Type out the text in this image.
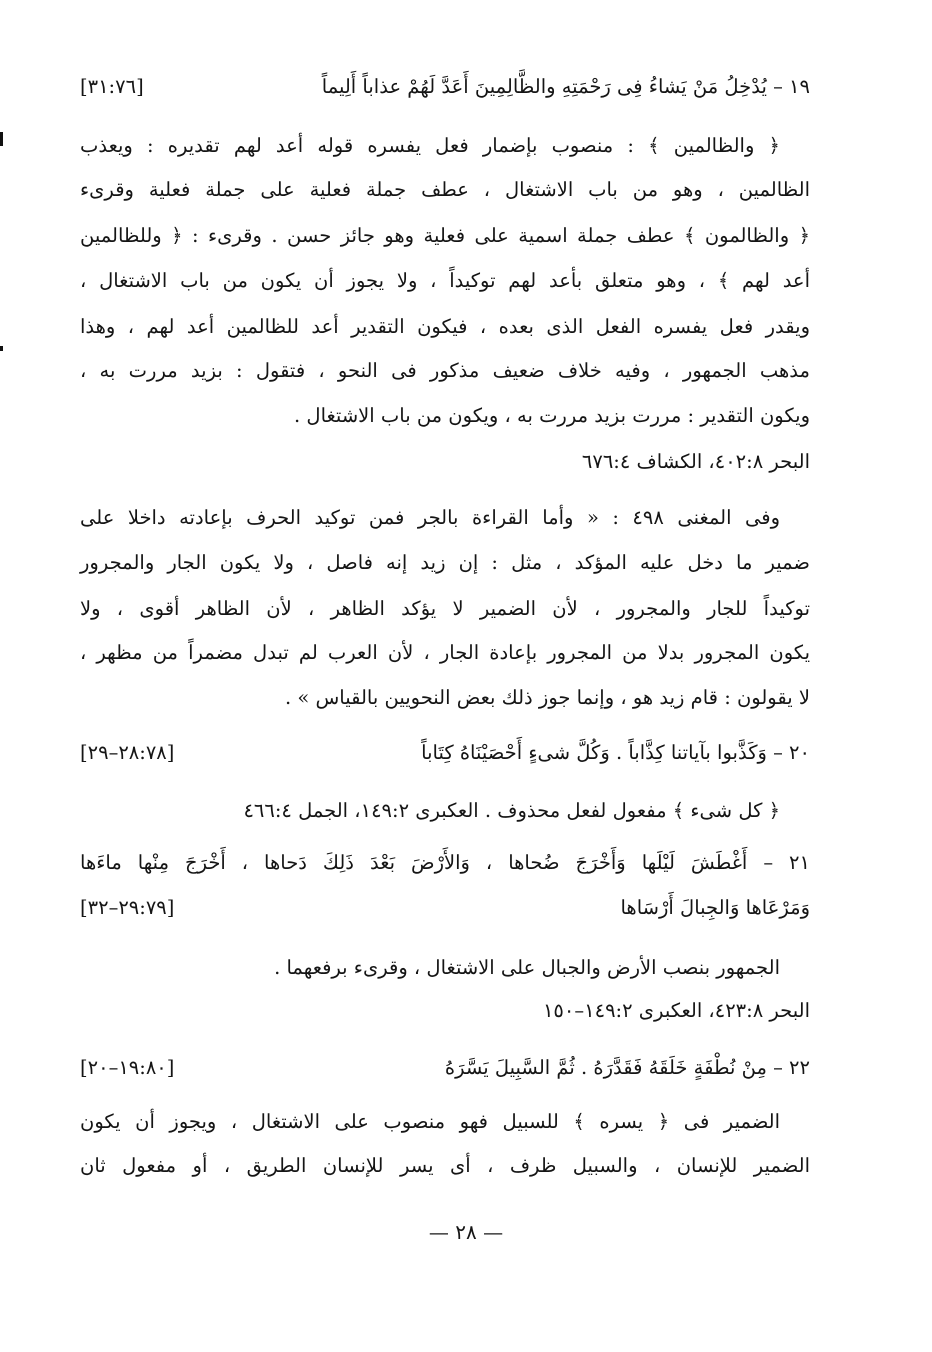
١٩ – يُدْخِلُ مَنْ يَشاءُ فِى رَحْمَتِهِ والظَّالِمِينَ أَعَدَّ لَهُمْ عذاباً أَلِيماً
[٣١:٧٦]
﴿ والظالمين ﴾ : منصوب بإضمار فعل يفسره قوله أعد لهم تقديره : ويعذب
الظالمين ، وهو من باب الاشتغال ، عطف جملة فعلية على جملة فعلية وقرىء
﴿ والظالمون ﴾ عطف جملة اسمية على فعلية وهو جائز حسن . وقرىء : ﴿ وللظالمين
أعد لهم ﴾ ، وهو متعلق بأعد لهم توكيداً ، ولا يجوز أن يكون من باب الاشتغال ،
ويقدر فعل يفسره الفعل الذى بعده ، فيكون التقدير أعد للظالمين أعد لهم ، وهذا
مذهب الجمهور ، وفيه خلاف ضعيف مذكور فى النحو ، فتقول : بزيد مررت به ،
ويكون التقدير : مررت بزيد مررت به ، ويكون من باب الاشتغال .
البحر ٤٠٢:٨، الكشاف ٦٧٦:٤
وفى المغنى ٤٩٨ : « وأما القراءة بالجر فمن توكيد الحرف بإعادته داخلا على
ضمير ما دخل عليه المؤكد ، مثل : إن زيد إنه فاصل ، ولا يكون الجار والمجرور
توكيداً للجار والمجرور ، لأن الضمير لا يؤكد الظاهر ، لأن الظاهر أقوى ، ولا
يكون المجرور بدلا من المجرور بإعادة الجار ، لأن العرب لم تبدل مضمراً من مظهر ،
لا يقولون : قام زيد هو ، وإنما جوز ذلك بعض النحويين بالقياس » .
٢٠ – وَكَذَّبوا بآياتنا كِذَّاباً . وَكُلَّ شىءٍ أَحْصَيْنَاهُ كِتَاباً
[٢٨:٧٨–٢٩]
﴿ كل شىء ﴾ مفعول لفعل محذوف . العكبرى ١٤٩:٢، الجمل ٤٦٦:٤
٢١ – أَغْطَشَ لَيْلَها وَأَخْرَجَ ضُحاها ، وَالأَرْضَ بَعْدَ ذَلِكَ دَحاها ، أَخْرَجَ مِنْها ماءَها
وَمَرْعَاها وَالجِبالَ أَرْسَاها
[٢٩:٧٩–٣٢]
الجمهور بنصب الأرض والجبال على الاشتغال ، وقرىء برفعهما .
البحر ٤٢٣:٨، العكبرى ١٤٩:٢–١٥٠
٢٢ – مِنْ نُطْفَةٍ خَلَقَهُ فَقَدَّرَهُ . ثُمَّ السَّبِيلَ يَسَّرَهُ
[١٩:٨٠–٢٠]
الضمير فى ﴿ يسره ﴾ للسبيل فهو منصوب على الاشتغال ، ويجوز أن يكون
الضمير للإنسان ، والسبيل ظرف ، أى يسر للإنسان الطريق ، أو مفعول ثان
— ٢٨ —
